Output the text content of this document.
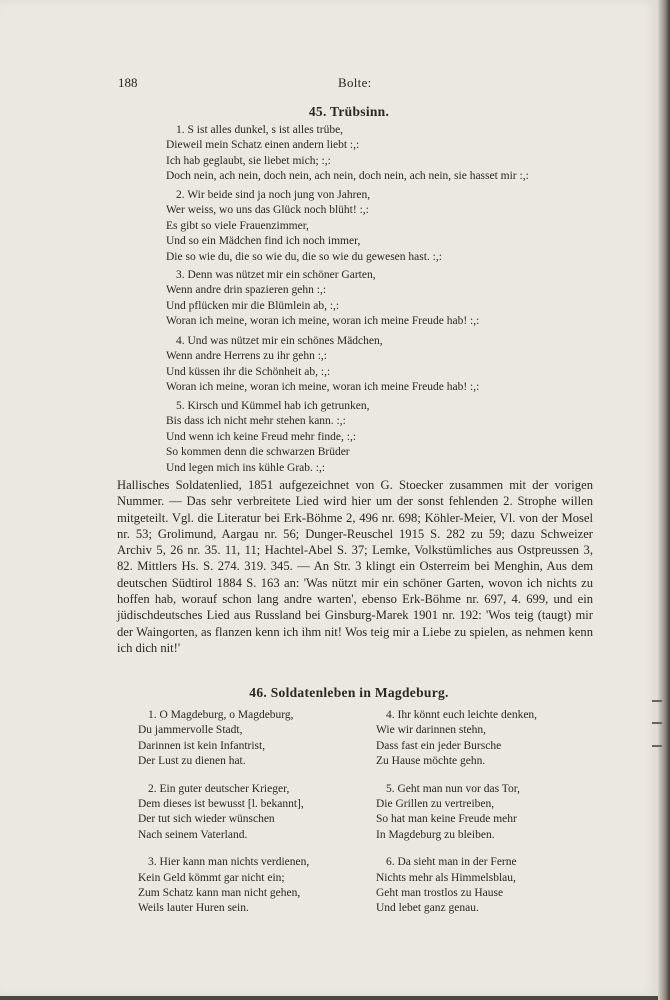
188	Bolte:
45. Trübsinn.
1. S ist alles dunkel, s ist alles trübe,
Dieweil mein Schatz einen andern liebt :,:
Ich hab geglaubt, sie liebet mich; :,:
Doch nein, ach nein, doch nein, ach nein, doch nein, ach nein, sie hasset mir :,:
2. Wir beide sind ja noch jung von Jahren,
Wer weiss, wo uns das Glück noch blüht! :,:
Es gibt so viele Frauenzimmer,
Und so ein Mädchen find ich noch immer,
Die so wie du, die so wie du, die so wie du gewesen hast. :,:
3. Denn was nützet mir ein schöner Garten,
Wenn andre drin spazieren gehn :,:
Und pflücken mir die Blümlein ab, :,:
Woran ich meine, woran ich meine, woran ich meine Freude hab! :,:
4. Und was nützet mir ein schönes Mädchen,
Wenn andre Herrens zu ihr gehn :,:
Und küssen ihr die Schönheit ab, :,:
Woran ich meine, woran ich meine, woran ich meine Freude hab! :,:
5. Kirsch und Kümmel hab ich getrunken,
Bis dass ich nicht mehr stehen kann. :,:
Und wenn ich keine Freud mehr finde, :,:
So kommen denn die schwarzen Brüder
Und legen mich ins kühle Grab. :,:

Hallisches Soldatenlied, 1851 aufgezeichnet von G. Stoecker zusammen mit der vorigen Nummer. — Das sehr verbreitete Lied wird hier um der sonst fehlenden 2. Strophe willen mitgeteilt. Vgl. die Literatur bei Erk-Böhme 2, 496 nr. 698; Köhler-Meier, Vl. von der Mosel nr. 53; Grolimund, Aargau nr. 56; Dunger-Reuschel 1915 S. 282 zu 59; dazu Schweizer Archiv 5, 26 nr. 35. 11, 11; Hachtel-Abel S. 37; Lemke, Volkstümliches aus Ostpreussen 3, 82. Mittlers Hs. S. 274. 319. 345. — An Str. 3 klingt ein Osterreim bei Menghin, Aus dem deutschen Südtirol 1884 S. 163 an: 'Was nützt mir ein schöner Garten, wovon ich nichts zu hoffen hab, worauf schon lang andre warten', ebenso Erk-Böhme nr. 697, 4. 699, und ein jüdischdeutsches Lied aus Russland bei Ginsburg-Marek 1901 nr. 192: 'Wos teig (taugt) mir der Waingorten, as flanzen kenn ich ihm nit! Wos teig mir a Liebe zu spielen, as nehmen kenn ich dich nit!'

46. Soldatenleben in Magdeburg.
1. O Magdeburg, o Magdeburg,
Du jammervolle Stadt,
Darinnen ist kein Infantrist,
Der Lust zu dienen hat.
2. Ein guter deutscher Krieger,
Dem dieses ist bewusst [l. bekannt],
Der tut sich wieder wünschen
Nach seinem Vaterland.
3. Hier kann man nichts verdienen,
Kein Geld kömmt gar nicht ein;
Zum Schatz kann man nicht gehen,
Weils lauter Huren sein.
4. Ihr könnt euch leichte denken,
Wie wir darinnen stehn,
Dass fast ein jeder Bursche
Zu Hause möchte gehn.
5. Geht man nun vor das Tor,
Die Grillen zu vertreiben,
So hat man keine Freude mehr
In Magdeburg zu bleiben.
6. Da sieht man in der Ferne
Nichts mehr als Himmelsblau,
Geht man trostlos zu Hause
Und lebet ganz genau.
